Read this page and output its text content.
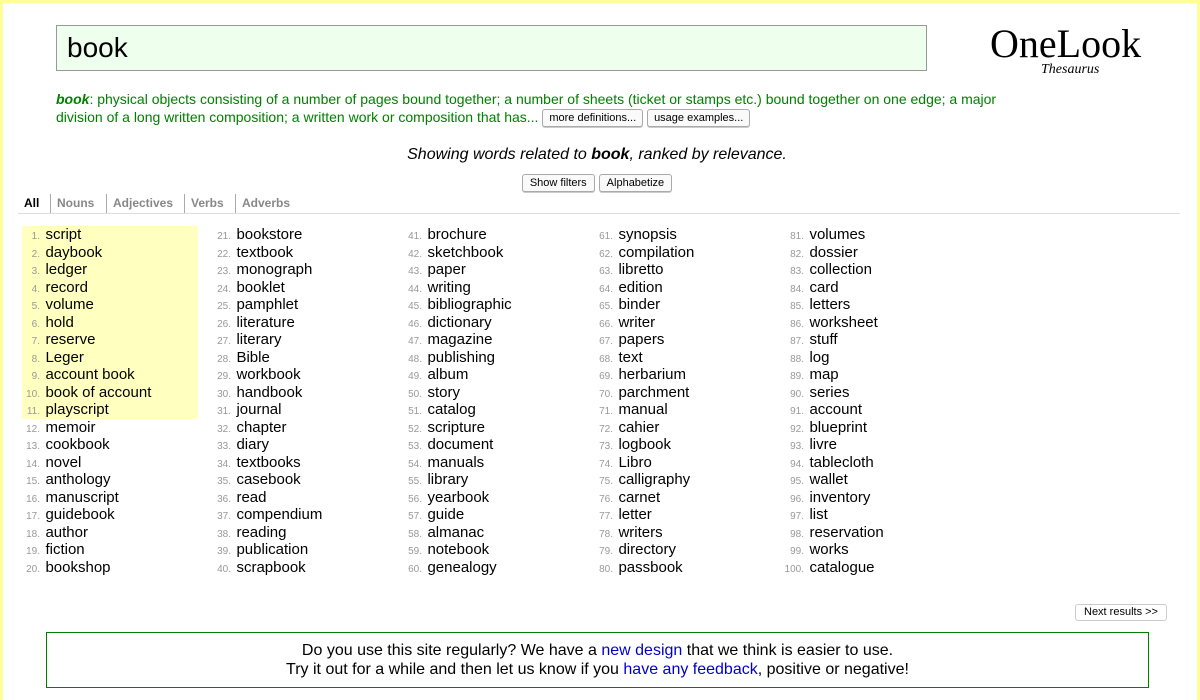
book	OneLook
Thesaurus
book: physical objects consisting of a number of pages bound together; a number of sheets (ticket or stamps etc.) bound together on one edge; a major division of a long written composition; a written work or composition that has... more definitions... usage examples...
Showing words related to book, ranked by relevance.
Show filters Alphabetize
All	Nouns	Adjectives	Verbs	Adverbs
1. script
2. daybook
3. ledger
4. record
5. volume
6. hold
7. reserve
8. Leger
9. account book
10. book of account
11. playscript
12. memoir
13. cookbook
14. novel
15. anthology
16. manuscript
17. guidebook
18. author
19. fiction
20. bookshop
21. bookstore
22. textbook
23. monograph
24. booklet
25. pamphlet
26. literature
27. literary
28. Bible
29. workbook
30. handbook
31. journal
32. chapter
33. diary
34. textbooks
35. casebook
36. read
37. compendium
38. reading
39. publication
40. scrapbook
41. brochure
42. sketchbook
43. paper
44. writing
45. bibliographic
46. dictionary
47. magazine
48. publishing
49. album
50. story
51. catalog
52. scripture
53. document
54. manuals
55. library
56. yearbook
57. guide
58. almanac
59. notebook
60. genealogy
61. synopsis
62. compilation
63. libretto
64. edition
65. binder
66. writer
67. papers
68. text
69. herbarium
70. parchment
71. manual
72. cahier
73. logbook
74. Libro
75. calligraphy
76. carnet
77. letter
78. writers
79. directory
80. passbook
81. volumes
82. dossier
83. collection
84. card
85. letters
86. worksheet
87. stuff
88. log
89. map
90. series
91. account
92. blueprint
93. livre
94. tablecloth
95. wallet
96. inventory
97. list
98. reservation
99. works
100. catalogue
Next results >>
Do you use this site regularly? We have a new design that we think is easier to use.
Try it out for a while and then let us know if you have any feedback, positive or negative!
